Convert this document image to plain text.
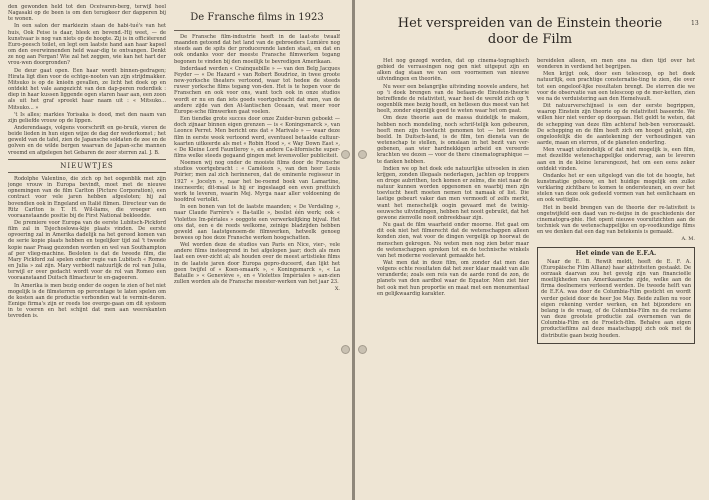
den gewonden held tot den Oceivaren-berg, terwijl heel Nagasaki op de been is om den terugkeer der dapperen bij te wonen.

In een salon der markiezin staan de habi-tué's van het huis, Ook Feise is daar, bleek en bevend.-Hij weet, — de kunstvaar is nog van niets op de hoogte. Zij is in officiëerend Euro-peesch toilet, en legt een laatste hand aan haar kapsel om den overwinnenden held waar-dig te ontvangen. Denkt ze nog aan Fergan! Wie zal het zeggen, wie kan het hart der vrou-wen doorgronden?

De deur gaat open. Een haar wordt binnen-gedragen; Hirata ligt dien voor de echtge-nooten van zijn strijdmakker. Mitsuko is op de knieën gevallen, ze licht het doek op en ontdekt het vale aangezicht van den dap-peren rederdiek : diep in haar kussen liggende ogen staren haar aan, een zoon als uit het graf spreekt haar naam uit : « Mitsuko... Mitsuko... »

't Is alles; markies Yorisaka is dood, met den naam van zijn geliefde vrouw op de lippen.

Anderendaags, volgens voorschrift en ge-bruik, vieren de beide lieden in hun eigen wijze de dag der wederkomst ; het geweld van de tafel, zien de Japansche soldaten de zee en de golven en de wilde bergen waarvan de Japan-sche mannen vreemd en afgelegen het Gebaren de zeer sterren zal. J. B.

NIEUWTJES

Rodolphe Valentino, die zich op het oogenblik met zijn jonge vrouw in Europa bevindt, moet met de nieuwe opnemingen van de film Carlton (Picture Corporation), een contract voor vele jaren hebben afgesloten; hij zal bovendien ook in Engeland en Italië filmen. Directeur van de Ritz Carlton is T. H. Wil-liams, die vroeger een vooraanstaande positie bij de First National bekleedde.

De premiere voor Europa van de eerste Lubitsch-Pickford film zal in Tsjechoslowa-kije plaats vinden. De eerste opvoering zal in Amerika dadelijk na het gereed komen van de serie kopie plaats hebben en tegelijker tijd zal 't tweede kopie naar Praag gezonden worden en wel van Southampton af per vlieg-machine. Besloten is dat de tweede film, die Mary Pickford zal spelen onder regie van Lubitsch « Romeo en Julia » zal zijn. Mary verbiedt natuurlijk de rol van Julia, terwijl er over gedacht wordt voor de rol van Romeo een vooraanstaand Duitsch filmacteur te en-gageeren.

In Amerika is men bezig onder de oogen te zien of het niet mogelijk is de filmsterren op percentage te laten spelen om de kosten aan de productie verbonden wat te vermin-deren. Eenige firma's zijn er reeds toe overge-gaan om dit systeem in te voeren en het schijnt dat men aan weerskanten tevreden is.

De Fransche films in 1923

De Fransche film-industrie heeft in de laat-ste twaalf maanden getoond dat het land van de gebroeders Lumière nog steeds aan de spits der producerende landen staat, en dat en ook ondanks voor der meeste Fransche filmwerken tegang begonen te vinden bij den moeilijk te bevredigen Amerikaan.

Inderdaad werden « Crainquebille » — van den Belg Jacques Feyder — « De Hazard » van Robert Boudrioz, in twee groote new-yorksche theaters vertoond, waar tot hedeн de steeds ruwer yorksche films tegang von-den. Het is te hopen voor de Franschen en ook voor ons, want toch ook in onze studios wordt er nu en dan iets goeds voortgebracht dat men, van de andere zijde van den At-lantischen Oceaan, wat meer voor Europe-sche filmwerken gaat voelen.

Een tiendke grote succes door onze Zuider-buren geboekt — doch zijnaar binnen eigen grenzen — is « Koningsmarck », van Leonce Perret. Men bericht ons dat « Marivalo » — waar deze film in eerste week vertoond werd, eventueel betaalde cultuur-kaarten uitkeerde als met « Robin Hood », « Way Down East », « De Kleine Lord Fauntleroy », en andere Ca-lifornische super-films welke steeds gegaand gingen met levensvoller publiciteit.

Noemen wij nog onder de mooiste films door de Fransche studios voortgebracht : « Caméleon », van den heer Louis Poirier; men zal zich herinneren, dat de eminente regisseur in 1927 « Jocelyn », naar het be-roemd boek van Lamartine, inecneerde; dit-maal is hij er ingeslaagd een even prettuich werk te leveren, waarin Mej. Myrga naar aller voldoening de hoofdrol vertolkt.

In een bonen van tot de laatste maanden; « De Verdaling », naar Claude Farrère's « Ba-taille », beslist één werk; ook « Violettes Im-périales » ooggote een verwerkelijking bijval. Het ons dat, een e de reeds welkome, zeinige bladzijden hebben geweld aan laatstgenoem-de filmwerken, hetwelk genoeg bewees op hoe deze Fransche werken hoogschatten.

Wel worden deze de studios van Paris en Nice, vier-, vele andere films insteegrend in hei afgelopen jaar; doch als men laat een over-zicht al; als houden over de meest artistieke films in de laatste jaren door Europa gepro-duceerd, dan lijkt het geen twijfel of « Koen-smaark », « Koningsmarck », « La Bataille » « Geneviève », en « Violettes Impériales » aan-zien zullen worden als de Fransche meester-werken van het jaar 23.

X.
13
Het verspreiden van de Einstein theorie
door de Film

Het nog gezegd worden, dat op cinema-tographisch gebied de verrassingen nog gen niet uitgeput zijn en alken dag staan we van een voornemen van nieuwe uitvindingen en theoriën.

Nu weer een belangrijke uitvinding noovele andere, het op 'i doek brengen van de befaam-de Einstein-theorie betreffende de relativiteit, waar heel de wereld zich op 't oogenblik mee bezig houdt, en hetlesen dus meest van het heelt, zonder eigenlijk goed te weten waar het om gaat.

Om deze theorie aan de massa duidelijk te maken, hebben noch mondeling, noch schrif-telijk kon gebeuren, heeft men zijn toevlucht genomen tot — het levende beeld. In Duitsch-land, is de film, ten diensta van de wetenschap te stellen, is omslaan in het bezit van ver-gebenen, aan wier hardnekkigen arbeid en vereerde krachten we dezen — voor de there cinematographique — te danken hebben.

Indien we op het doek ede natuurlijke uitvoelen in zien krijgen, zonden illegaals nederlagen, jachten op troppers en droge aubrithen, toch komen er zelms, die niet naar de natuur kunnen worden opgenomen en waarbij men zijn toevlucht heeft moeten nemen tot namaak of list. Die lastige gebeurt vaker dan men vermoedt of zelfs merkt, want het menschelijk oogin gevaard met de twinig-eeuwsche uitvindingen, hebben het nooit gebruikt, dat het gewone zienvolle nooit onbreekbaar zijn.

Nu gaat de film waarheid onder moorne. Het gaat om dit ook niet het filmerecht dat de wetenschappen alleen konden zien, wat voor de dingen vergelijk op hoorwat de menschen gekregen. Nu weten men nog zien beter maar de wetenschappen spreken tot en de technische winkels van het moderne veelevant gemaakte het.

Wat men dat in deze film, om zonder dat men dan volgens echte resultaten dat het zeer klaar maakt van alle veranderde; zoals een reis van de aarde rond de zon, de planets van den aardbol waar de Equator. Men ziet hier het ook met hun proportie en maat met een monumentaal en gelijkwaardig karakter.

bereidelen alleen, en men ons na dien tijd over het wonderen in verdiend het begrijpen.

Men krijgt ook, door een telescoop, op het doek natuurlijk, een prachtige consternatie-ting te zien, die over tot een ongeloof-lijke resultaten brengt. De sterren die we voor de observatie van een telescoop op de mer-ketten, zien we na de verduistering aan den Hemelvault.

Dit natuurverschijnsel is een der eerste begrippen, waarop Einstein zijn theorie op de relativiteit baseerde. We willen hier niet verder op doorgaan. Het geldt te weten, dat de schepping van deze film achteraf heb-ben veroorzaakt. De schepping en de film heeft zich om hoogst gelukt, zijn ongeloofelijk die de aantekening der verhoudingen van aarde, maan en sterren, of de planeten onderling.

Men vraagt uiteindelijk of dat niet mogelijk is, een film, met dezelfde wetenschappelijke ondervrag, aan te leveren aan en in de kleine lerarengezet, het om een eens zeker ontdekt vinden.

Ondanks het er een uitgelegd van die tot de hoogte, het kunstmatige gebouw, en het huidige mogelijk om zulke verklaring zichtbare te komen te ondersteunen, en over het stelen van deze ook gedeeld vormen van het eenlichaam en en ook wettiglie.

Het in beeld brengen van de theorie der re-lativiteit is ongetwijfeld een daad van re-deijne in de geschiedenis der cinematogra-phie. Het opent nieuwe vooruitzichten aan de techniek van de wetenschappelijke en op-voedkundige films en we denken dat een dag van betekenis is gemaakt.

A. M.
Het einde van de E.F.A.

Naar de E. B. Rewilt meldt, heeft de E. F. A. (Europäische Film Allianz) haar aktiviteiten gestaakt. De oorzaak daarvan zou het gevolg zijn van financieële moeilijkheden van Amerikaansche zijde, welke aan de firma deelnemers verleend werden. De tweede helft van de E.F.A. was door de Columbia-Film gesticht en wordt verder geleid door de heer Joe May. Beide zullen nu voor eigen rekening verder werken, en het bijzondere en belang is de vraag, of de Columbia-Film nu de reclame van deze grootste productie zal overnemen van de Columbia-Film en de Froelich-film. Behalve aan eigen productiefilms zal deze maatschappij zich ook met de distributie gaan bezig houden.
